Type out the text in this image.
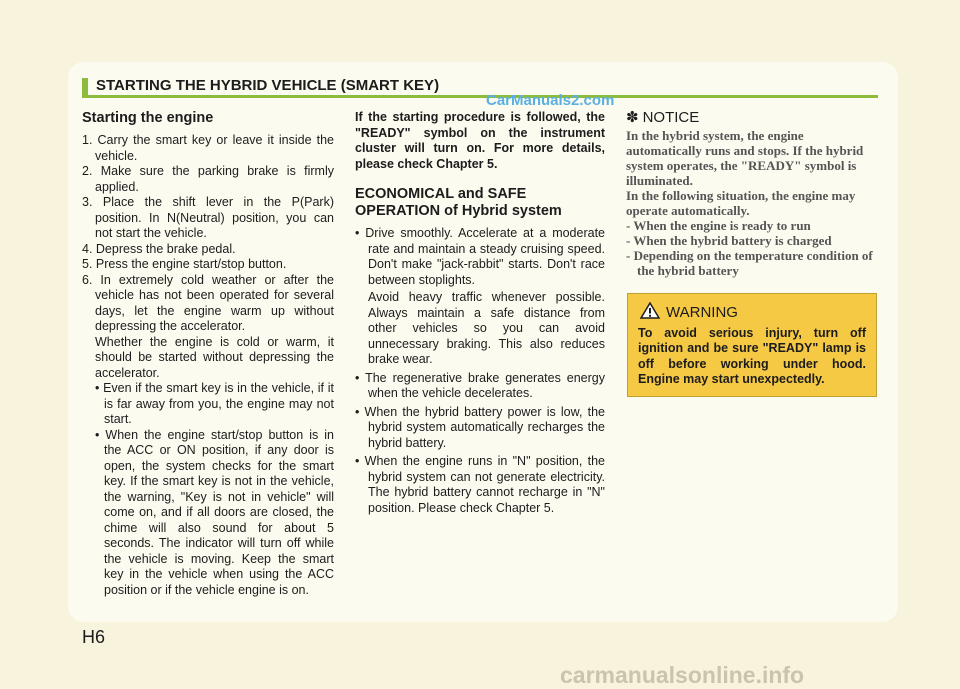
STARTING THE HYBRID VEHICLE (SMART KEY)
CarManuals2.com
Starting the engine
1. Carry the smart key or leave it inside the vehicle.
2. Make sure the parking brake is firmly applied.
3. Place the shift lever in the P(Park) position. In N(Neutral) position, you can not start the vehicle.
4. Depress the brake pedal.
5. Press the engine start/stop button.
6. In extremely cold weather or after the vehicle has not been operated for several days, let the engine warm up without depressing the accelerator.

Whether the engine is cold or warm, it should be started without depressing the accelerator.

• Even if the smart key is in the vehicle, if it is far away from you, the engine may not start.
• When the engine start/stop button is in the ACC or ON position, if any door is open, the system checks for the smart key. If the smart key is not in the vehicle, the warning, "Key is not in vehicle" will come on, and if all doors are closed, the chime will also sound for about 5 seconds. The indicator will turn off while the vehicle is moving. Keep the smart key in the vehicle when using the ACC position or if the vehicle engine is on.

If the starting procedure is followed, the "READY" symbol on the instrument cluster will turn on. For more details, please check Chapter 5.

ECONOMICAL and SAFE OPERATION of Hybrid system
• Drive smoothly. Accelerate at a moderate rate and maintain a steady cruising speed. Don't make "jack-rabbit" starts. Don't race between stoplights.
Avoid heavy traffic whenever possible. Always maintain a safe distance from other vehicles so you can avoid unnecessary braking. This also reduces brake wear.
• The regenerative brake generates energy when the vehicle decelerates.
• When the hybrid battery power is low, the hybrid system automatically recharges the hybrid battery.
• When the engine runs in "N" position, the hybrid system can not generate electricity. The hybrid battery cannot recharge in "N" position. Please check Chapter 5.
✽ NOTICE

In the hybrid system, the engine automatically runs and stops. If the hybrid system operates, the "READY" symbol is illuminated.

In the following situation, the engine may operate automatically.

- When the engine is ready to run

- When the hybrid battery is charged

- Depending on the temperature condition of the hybrid battery

WARNING

To avoid serious injury, turn off ignition and be sure "READY" lamp is off before working under hood. Engine may start unexpectedly.

H6
carmanualsonline.info
